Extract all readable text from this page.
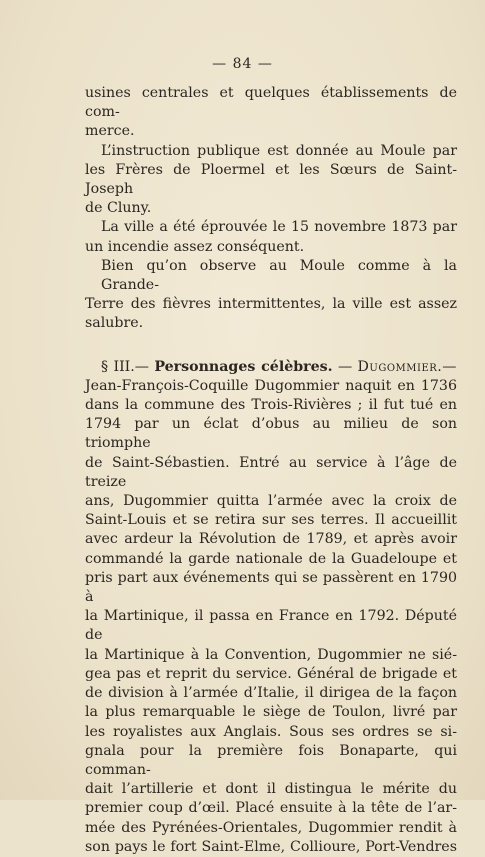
— 84 —
usines centrales et quelques établissements de com-
merce.
L’instruction publique est donnée au Moule par
les Frères de Ploermel et les Sœurs de Saint-Joseph
de Cluny.
La ville a été éprouvée le 15 novembre 1873 par
un incendie assez conséquent.
Bien qu’on observe au Moule comme à la Grande-
Terre des fièvres intermittentes, la ville est assez
salubre.
§ III.— Personnages célèbres. — Dugommier.—
Jean-François-Coquille Dugommier naquit en 1736
dans la commune des Trois-Rivières ; il fut tué en
1794 par un éclat d’obus au milieu de son triomphe
de Saint-Sébastien. Entré au service à l’âge de treize
ans, Dugommier quitta l’armée avec la croix de
Saint-Louis et se retira sur ses terres. Il accueillit
avec ardeur la Révolution de 1789, et après avoir
commandé la garde nationale de la Guadeloupe et
pris part aux événements qui se passèrent en 1790 à
la Martinique, il passa en France en 1792. Député de
la Martinique à la Convention, Dugommier ne sié-
gea pas et reprit du service. Général de brigade et
de division à l’armée d’Italie, il dirigea de la façon
la plus remarquable le siège de Toulon, livré par
les royalistes aux Anglais. Sous ses ordres se si-
gnala pour la première fois Bonaparte, qui comman-
dait l’artillerie et dont il distingua le mérite du
premier coup d’œil. Placé ensuite à la tête de l’ar-
mée des Pyrénées-Orientales, Dugommier rendit à
son pays le fort Saint-Elme, Collioure, Port-Vendres
